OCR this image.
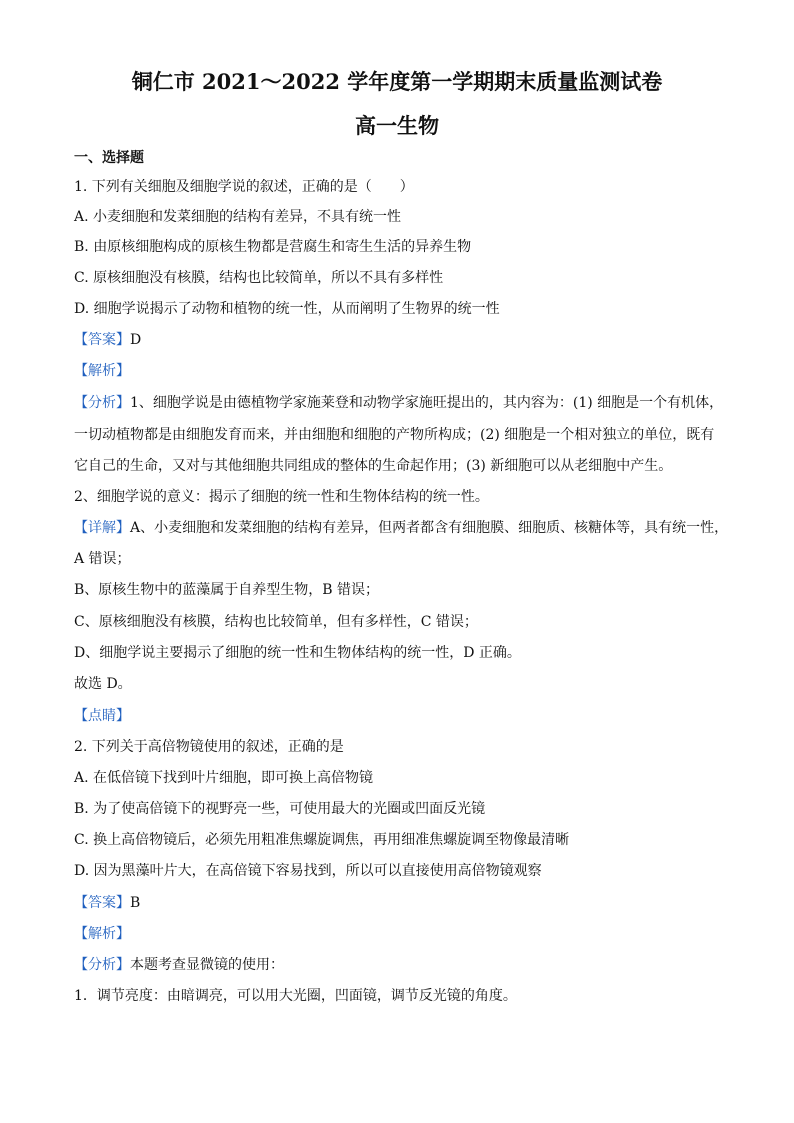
铜仁市 2021～2022 学年度第一学期期末质量监测试卷
高一生物

一、选择题

1. 下列有关细胞及细胞学说的叙述，正确的是（　　）

A. 小麦细胞和发菜细胞的结构有差异，不具有统一性

B. 由原核细胞构成的原核生物都是营腐生和寄生生活的异养生物

C. 原核细胞没有核膜，结构也比较简单，所以不具有多样性

D. 细胞学说揭示了动物和植物的统一性，从而阐明了生物界的统一性

【答案】D

【解析】

【分析】1、细胞学说是由德植物学家施莱登和动物学家施旺提出的，其内容为：(1) 细胞是一个有机体，

一切动植物都是由细胞发育而来，并由细胞和细胞的产物所构成；(2) 细胞是一个相对独立的单位，既有

它自己的生命，又对与其他细胞共同组成的整体的生命起作用；(3) 新细胞可以从老细胞中产生。

2、细胞学说的意义：揭示了细胞的统一性和生物体结构的统一性。

【详解】A、小麦细胞和发菜细胞的结构有差异，但两者都含有细胞膜、细胞质、核糖体等，具有统一性，

A 错误；

B、原核生物中的蓝藻属于自养型生物，B 错误；

C、原核细胞没有核膜，结构也比较简单，但有多样性，C 错误；

D、细胞学说主要揭示了细胞的统一性和生物体结构的统一性，D 正确。

故选 D。

【点睛】

2. 下列关于高倍物镜使用的叙述，正确的是

A. 在低倍镜下找到叶片细胞，即可换上高倍物镜

B. 为了使高倍镜下的视野亮一些，可使用最大的光圈或凹面反光镜

C. 换上高倍物镜后，必须先用粗准焦螺旋调焦，再用细准焦螺旋调至物像最清晰

D. 因为黑藻叶片大，在高倍镜下容易找到，所以可以直接使用高倍物镜观察

【答案】B

【解析】

【分析】本题考查显微镜的使用：

1．调节亮度：由暗调亮，可以用大光圈，凹面镜，调节反光镜的角度。
